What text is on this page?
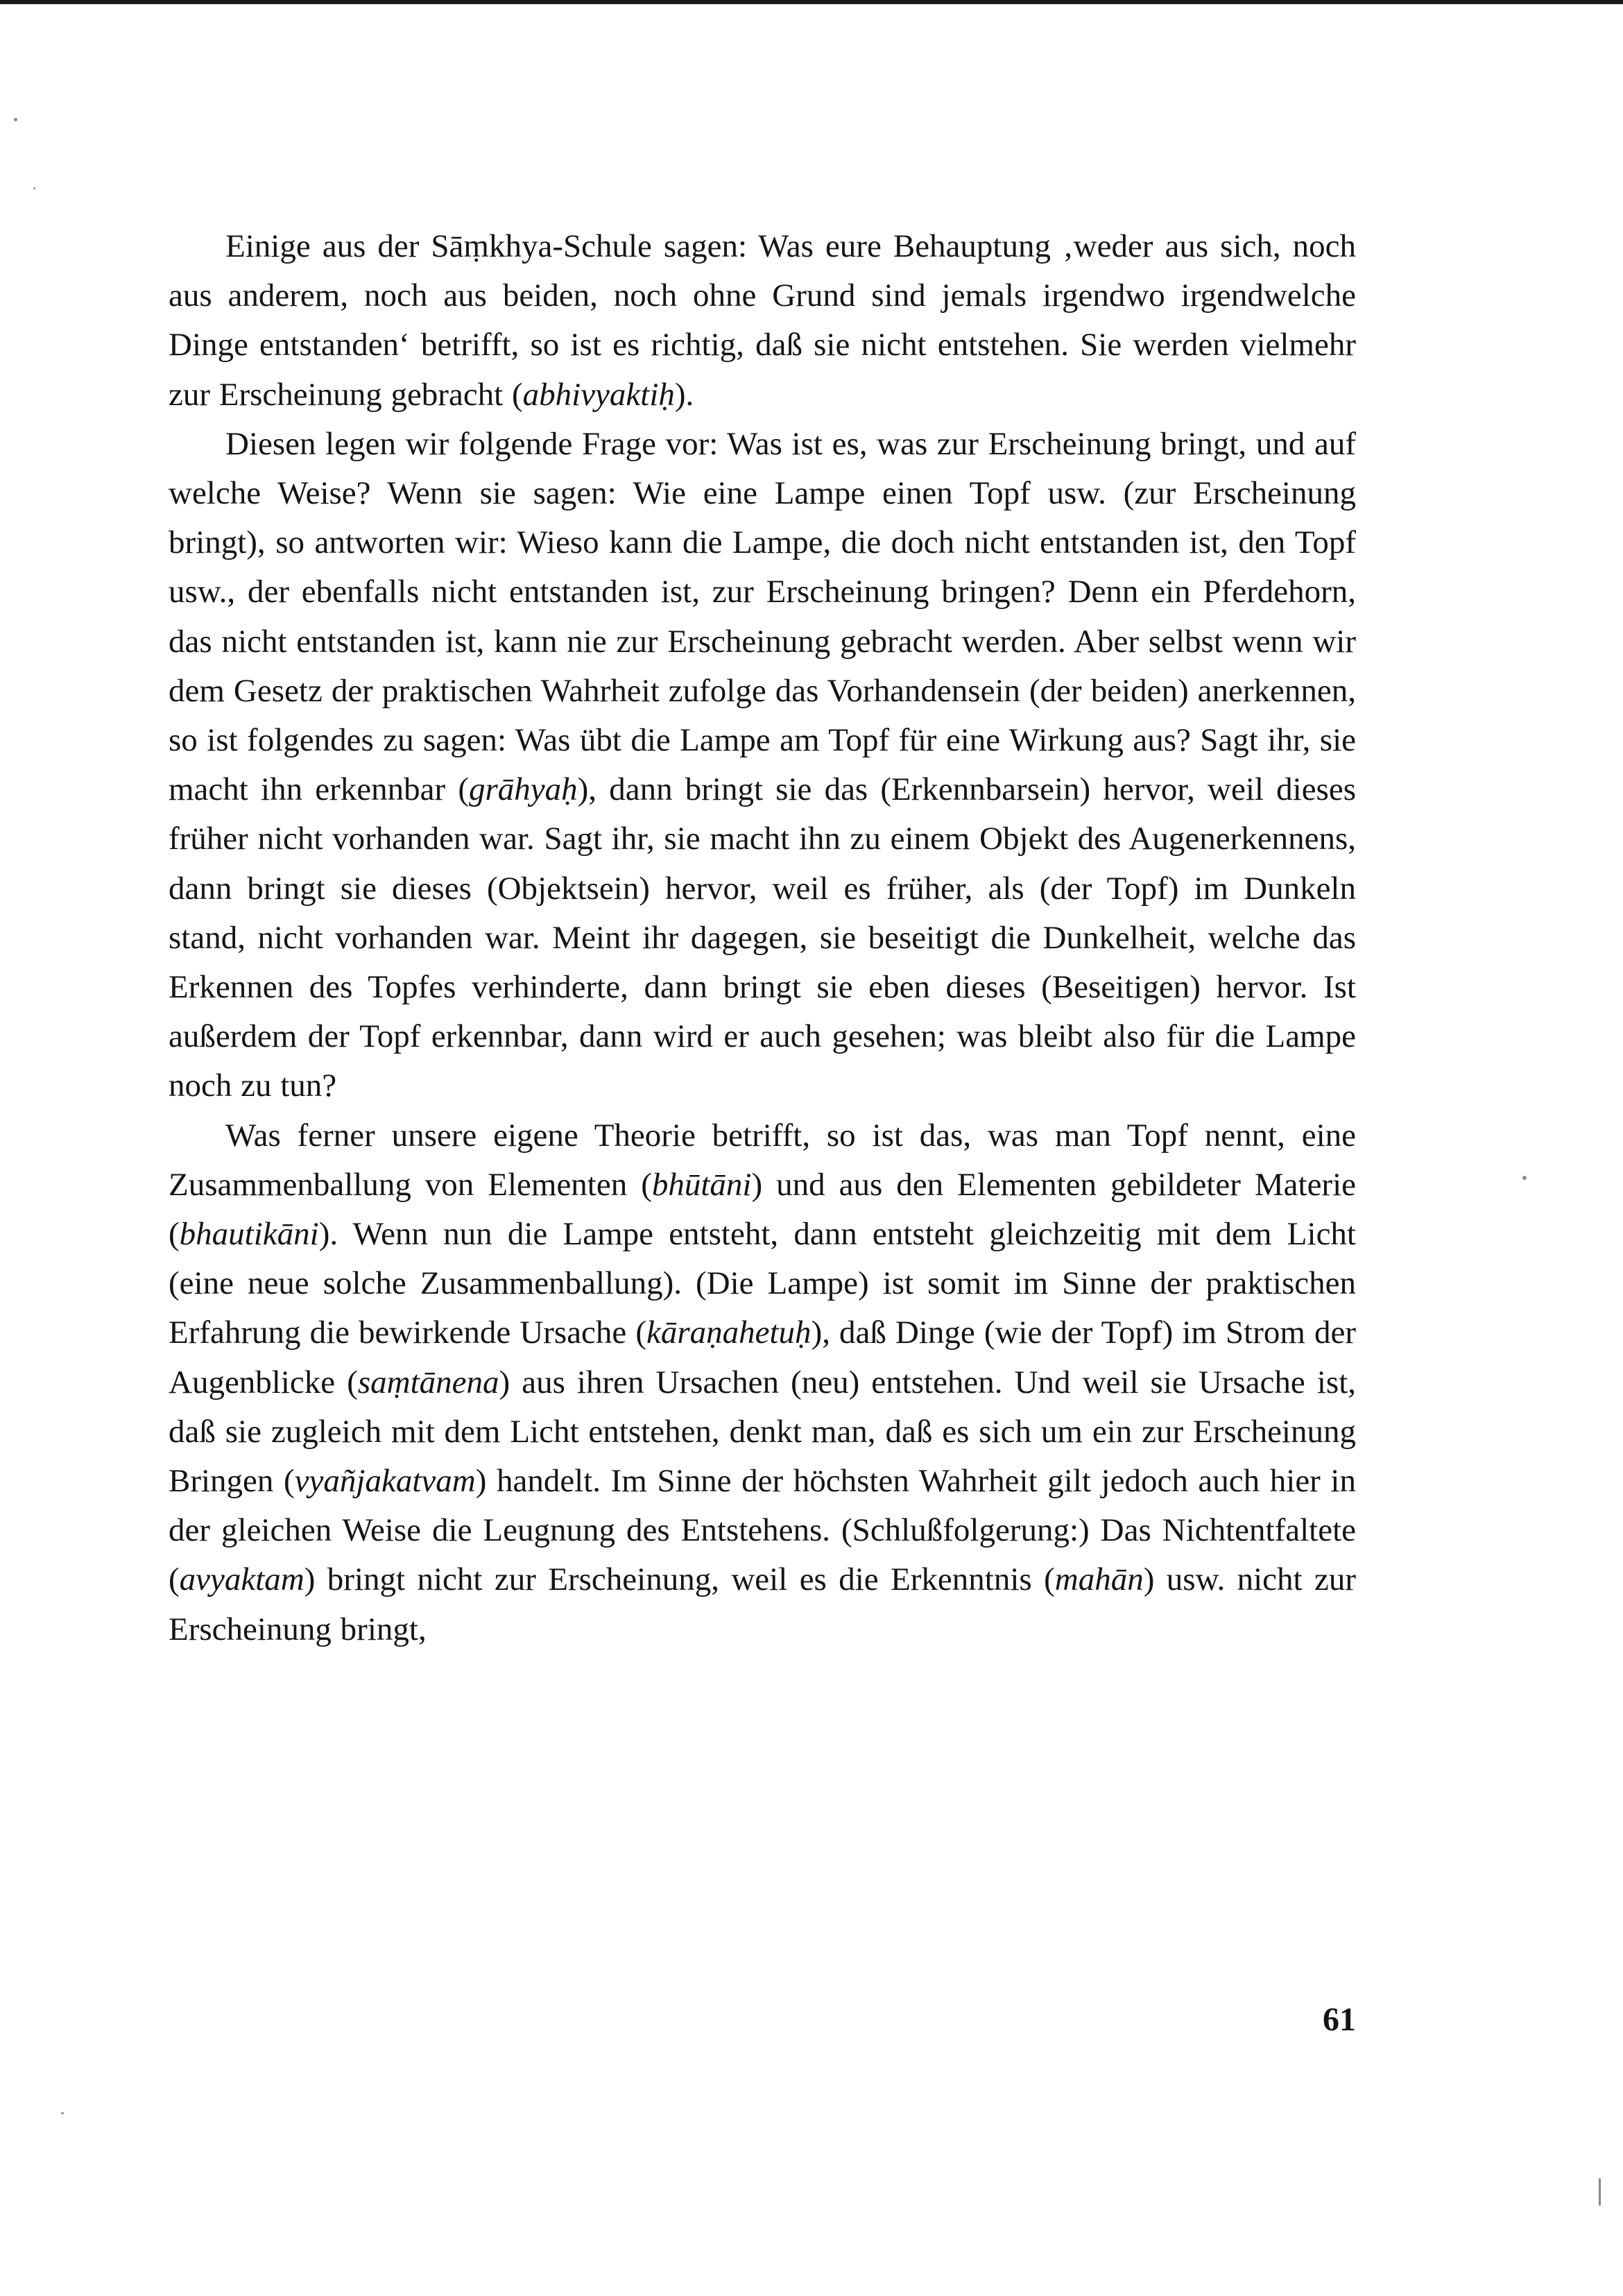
Einige aus der Sāṃkhya-Schule sagen: Was eure Behauptung ‚weder aus sich, noch aus anderem, noch aus beiden, noch ohne Grund sind jemals irgendwo irgendwelche Dinge entstanden‘ betrifft, so ist es richtig, daß sie nicht entstehen. Sie werden vielmehr zur Erscheinung gebracht (abhivyaktiḥ).

Diesen legen wir folgende Frage vor: Was ist es, was zur Erscheinung bringt, und auf welche Weise? Wenn sie sagen: Wie eine Lampe einen Topf usw. (zur Erscheinung bringt), so antworten wir: Wieso kann die Lampe, die doch nicht entstanden ist, den Topf usw., der ebenfalls nicht entstanden ist, zur Erscheinung bringen? Denn ein Pferdehorn, das nicht entstanden ist, kann nie zur Erscheinung gebracht werden. Aber selbst wenn wir dem Gesetz der praktischen Wahrheit zufolge das Vorhandensein (der beiden) anerkennen, so ist folgendes zu sagen: Was übt die Lampe am Topf für eine Wirkung aus? Sagt ihr, sie macht ihn erkennbar (grāhyaḥ), dann bringt sie das (Erkennbarsein) hervor, weil dieses früher nicht vorhanden war. Sagt ihr, sie macht ihn zu einem Objekt des Augenerkennens, dann bringt sie dieses (Objektsein) hervor, weil es früher, als (der Topf) im Dunkeln stand, nicht vorhanden war. Meint ihr dagegen, sie beseitigt die Dunkelheit, welche das Erkennen des Topfes verhinderte, dann bringt sie eben dieses (Beseitigen) hervor. Ist außerdem der Topf erkennbar, dann wird er auch gesehen; was bleibt also für die Lampe noch zu tun?

Was ferner unsere eigene Theorie betrifft, so ist das, was man Topf nennt, eine Zusammenballung von Elementen (bhūtāni) und aus den Elementen gebildeter Materie (bhautikāni). Wenn nun die Lampe entsteht, dann entsteht gleichzeitig mit dem Licht (eine neue solche Zusammenballung). (Die Lampe) ist somit im Sinne der praktischen Erfahrung die bewirkende Ursache (kāraṇahetuḥ), daß Dinge (wie der Topf) im Strom der Augenblicke (saṃtānena) aus ihren Ursachen (neu) entstehen. Und weil sie Ursache ist, daß sie zugleich mit dem Licht entstehen, denkt man, daß es sich um ein zur Erscheinung Bringen (vyañjakatvam) handelt. Im Sinne der höchsten Wahrheit gilt jedoch auch hier in der gleichen Weise die Leugnung des Entstehens. (Schlußfolgerung:) Das Nichtentfaltete (avyaktam) bringt nicht zur Erscheinung, weil es die Erkenntnis (mahān) usw. nicht zur Erscheinung bringt,

61
